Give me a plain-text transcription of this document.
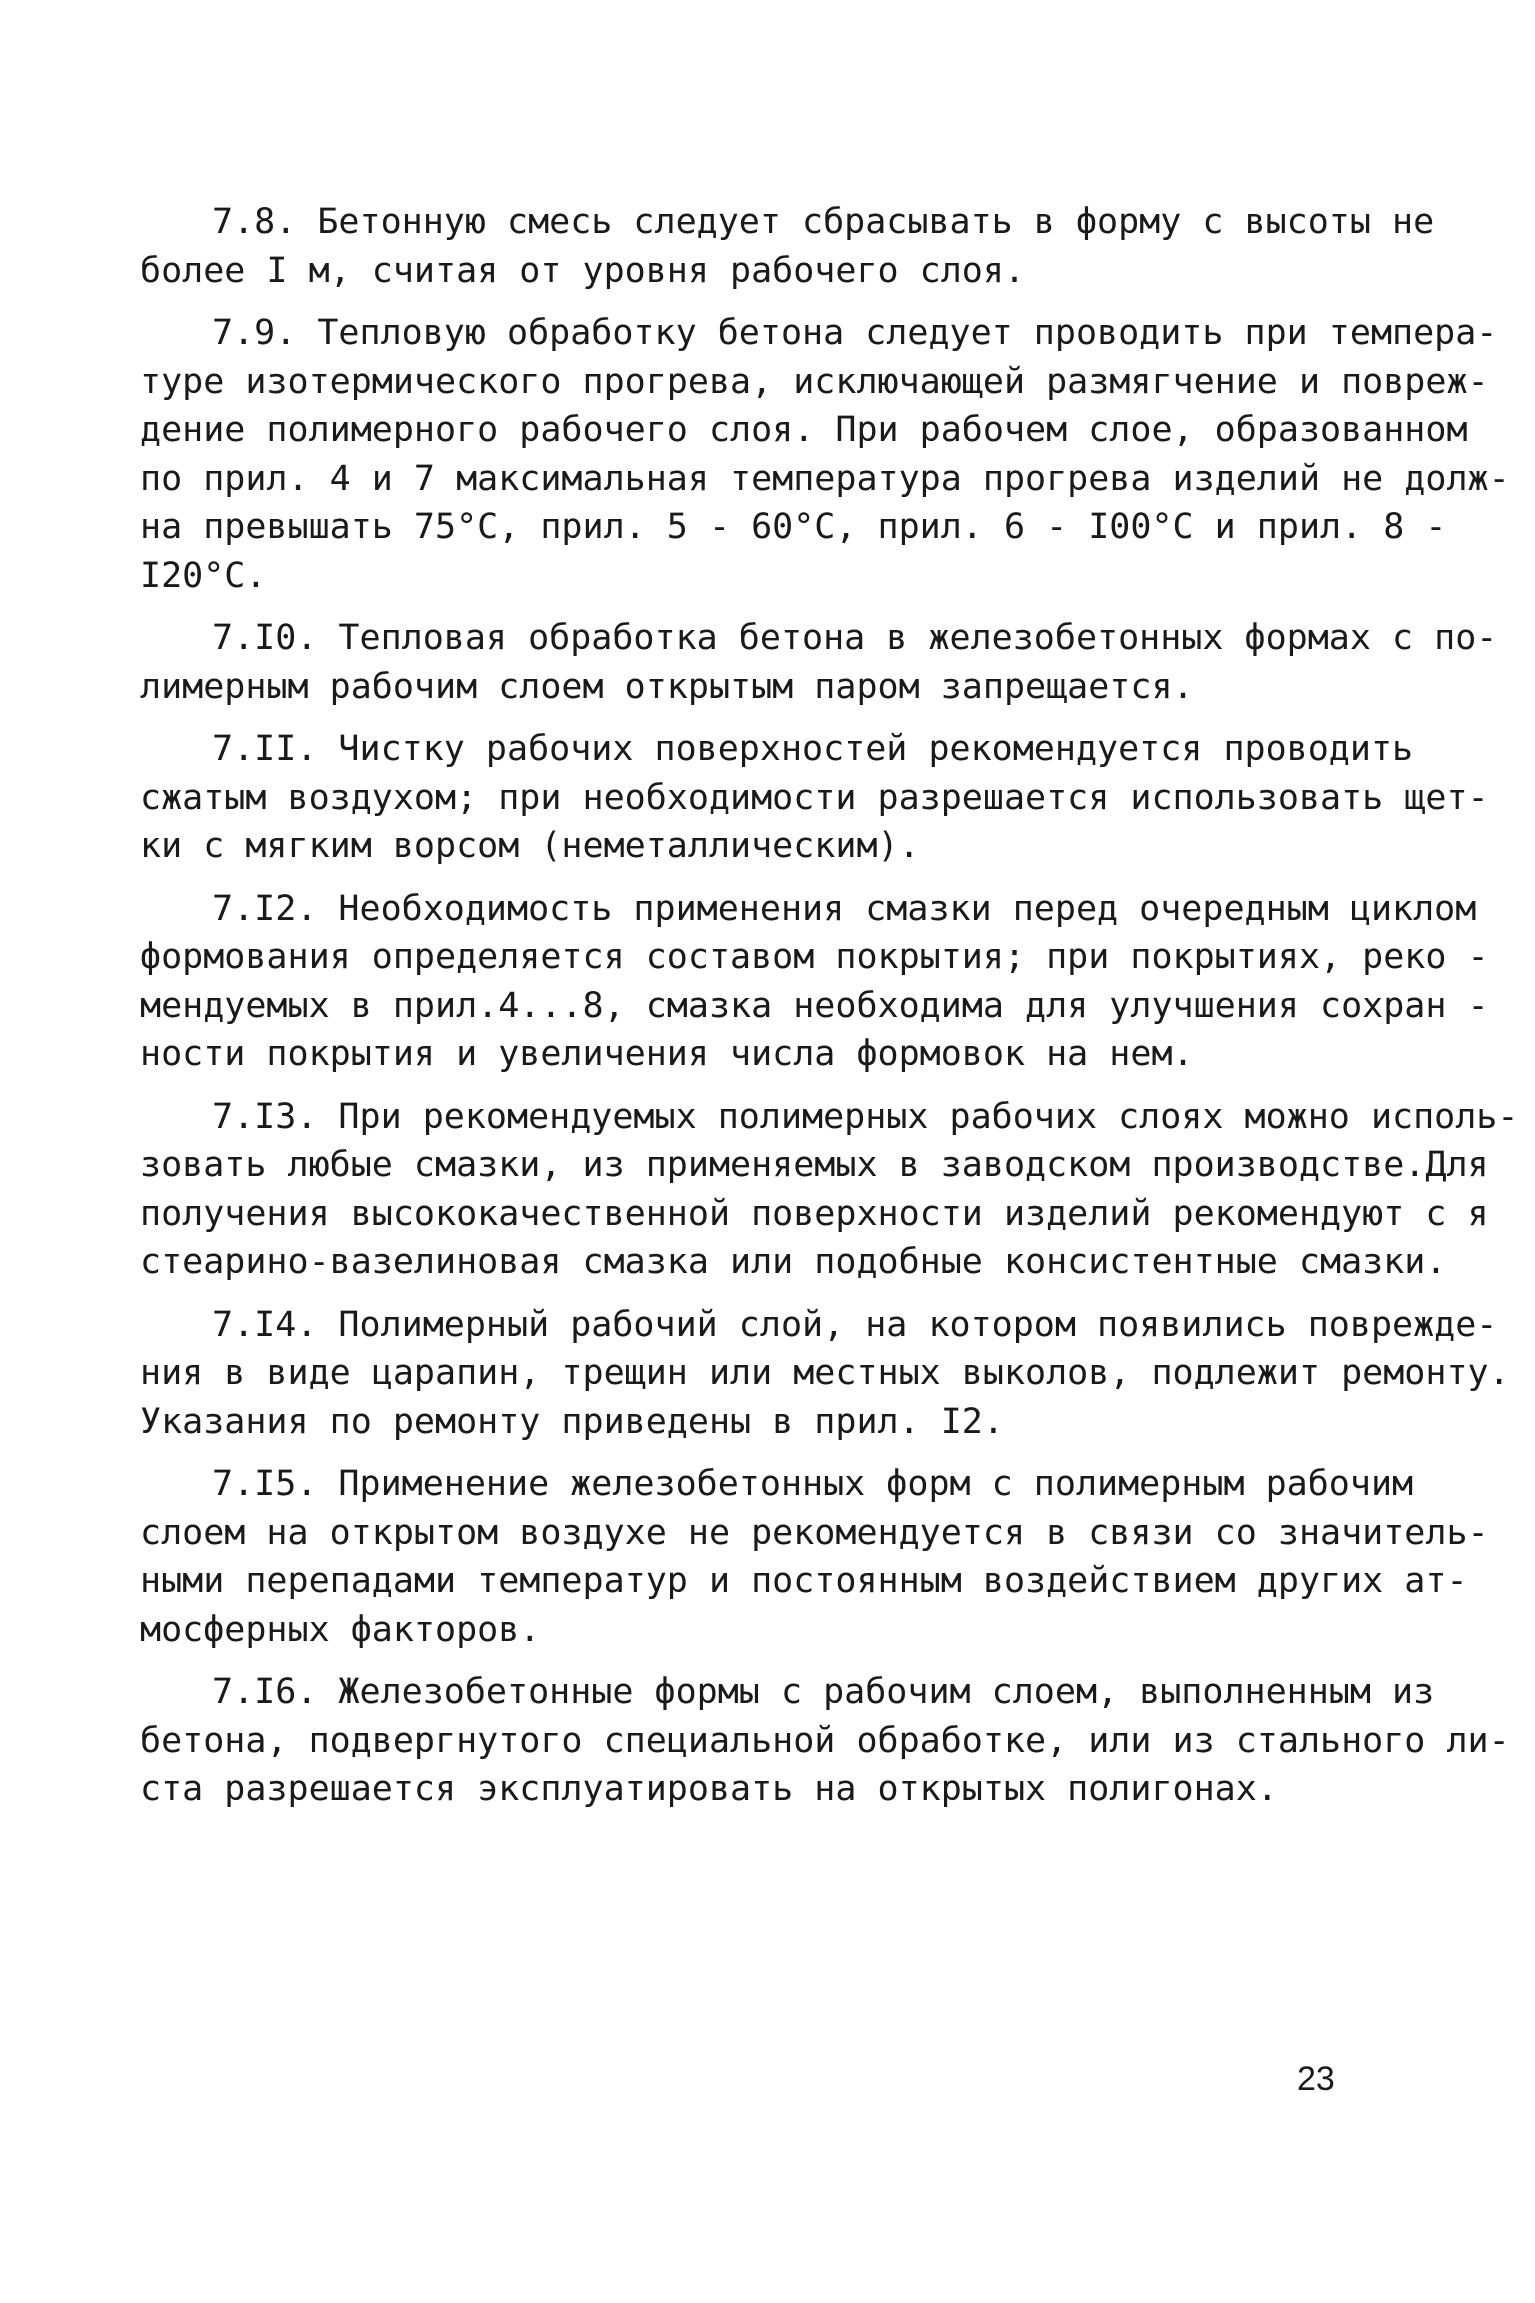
7.8. Бетонную смесь следует сбрасывать в форму с высоты не
более I м, считая от уровня рабочего слоя.
7.9. Тепловую обработку бетона следует проводить при темпера-
туре изотермического прогрева, исключающей размягчение и повреж-
дение полимерного рабочего слоя. При рабочем слое, образованном
по прил. 4 и 7 максимальная температура прогрева изделий не долж-
на превышать 75°С, прил. 5 - 60°С, прил. 6 - I00°С и прил. 8 -
I20°С.
7.I0. Тепловая обработка бетона в железобетонных формах с по-
лимерным рабочим слоем открытым паром запрещается.
7.II. Чистку рабочих поверхностей рекомендуется проводить
сжатым воздухом; при необходимости разрешается использовать щет-
ки с мягким ворсом (неметаллическим).
7.I2. Необходимость применения смазки перед очередным циклом
формования определяется составом покрытия; при покрытиях, реко -
мендуемых в прил.4...8, смазка необходима для улучшения сохран -
ности покрытия и увеличения числа формовок на нем.
7.I3. При рекомендуемых полимерных рабочих слоях можно исполь-
зовать любые смазки, из применяемых в заводском производстве.Для
получения высококачественной поверхности изделий рекомендуют с я
стеарино-вазелиновая смазка или подобные консистентные смазки.
7.I4. Полимерный рабочий слой, на котором появились поврежде-
ния в виде царапин, трещин или местных выколов, подлежит ремонту.
Указания по ремонту приведены в прил. I2.
7.I5. Применение железобетонных форм с полимерным рабочим
слоем на открытом воздухе не рекомендуется в связи со значитель-
ными перепадами температур и постоянным воздействием других ат-
мосферных факторов.
7.I6. Железобетонные формы с рабочим слоем, выполненным из
бетона, подвергнутого специальной обработке, или из стального ли-
ста разрешается эксплуатировать на открытых полигонах.
23
